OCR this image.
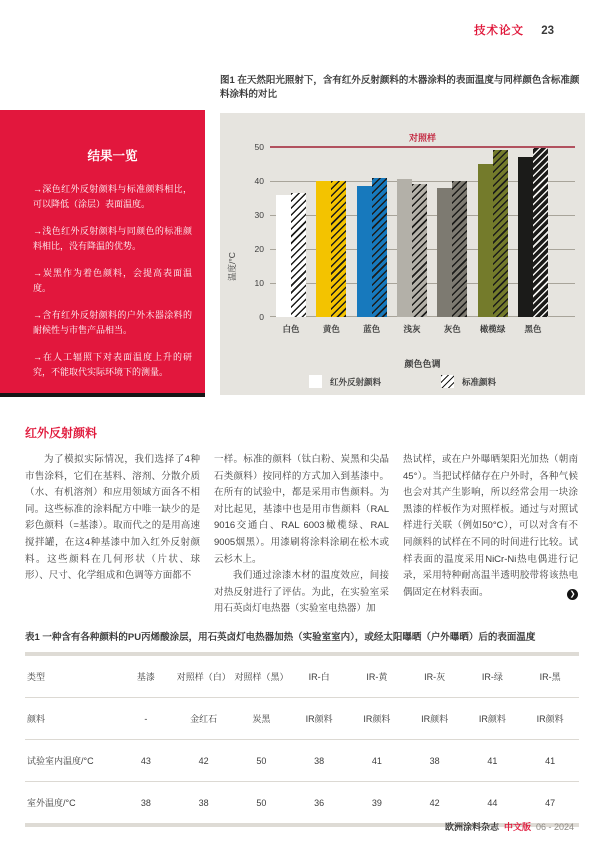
技术论文 23
图1 在天然阳光照射下，含有红外反射颜料的木器涂料的表面温度与同样颜色含标准颜料涂料的对比

结果一览

→深色红外反射颜料与标准颜料相比，可以降低（涂层）表面温度。

→浅色红外反射颜料与同颜色的标准颜料相比，没有降温的优势。

→炭黑作为着色颜料，会提高表面温度。

→含有红外反射颜料的户外木器涂料的耐候性与市售产品相当。

→在人工辐照下对表面温度上升的研究，不能取代实际环境下的测量。

温度/°C
0
10
20
30
40
50
白色	黄色	蓝色	浅灰	灰色	橄榄绿	黑色
对照样
颜色色调
红外反射颜料	标准颜料

红外反射颜料

为了模拟实际情况，我们选择了4种市售涂料，它们在基料、溶剂、分散介质（水、有机溶剂）和应用领域方面各不相同。这些标准的涂料配方中唯一缺少的是彩色颜料（=基漆）。取而代之的是用高速搅拌罐，在这4种基漆中加入红外反射颜料。这些颜料在几何形状（片状、球形）、尺寸、化学组成和色调等方面都不

一样。标准的颜料（钛白粉、炭黑和尖晶石类颜料）按同样的方式加入到基漆中。在所有的试验中，都是采用市售颜料。为对比起见，基漆中也是用市售颜料（RAL 9016交通白、RAL 6003橄榄绿、RAL 9005烟黑）。用漆刷将涂料涂刷在松木或云杉木上。

我们通过涂漆木材的温度效应，间接对热反射进行了评估。为此，在实验室采用石英卤灯电热器（实验室电热器）加

热试样，或在户外曝晒架阳光加热（朝南45°）。当把试样储存在户外时，各种气候也会对其产生影响，所以经常会用一块涂黑漆的样板作为对照样板。通过与对照试样进行关联（例如50°C），可以对含有不同颜料的试样在不同的时间进行比较。试样表面的温度采用NiCr-Ni热电偶进行记录，采用特种耐高温半透明胶带将该热电偶固定在材料表面。	❯

表1 一种含有各种颜料的PU丙烯酸涂层，用石英卤灯电热器加热（实验室室内），或经太阳曝晒（户外曝晒）后的表面温度
类型	基漆	对照样（白）	对照样（黑）	IR-白	IR-黄	IR-灰	IR-绿	IR-黑
颜料	-	金红石	炭黑	IR颜料	IR颜料	IR颜料	IR颜料	IR颜料
试验室内温度/°C	43	42	50	38	41	38	41	41
室外温度/°C	38	38	50	36	39	42	44	47
欧洲涂料杂志 中文版 06 - 2024
